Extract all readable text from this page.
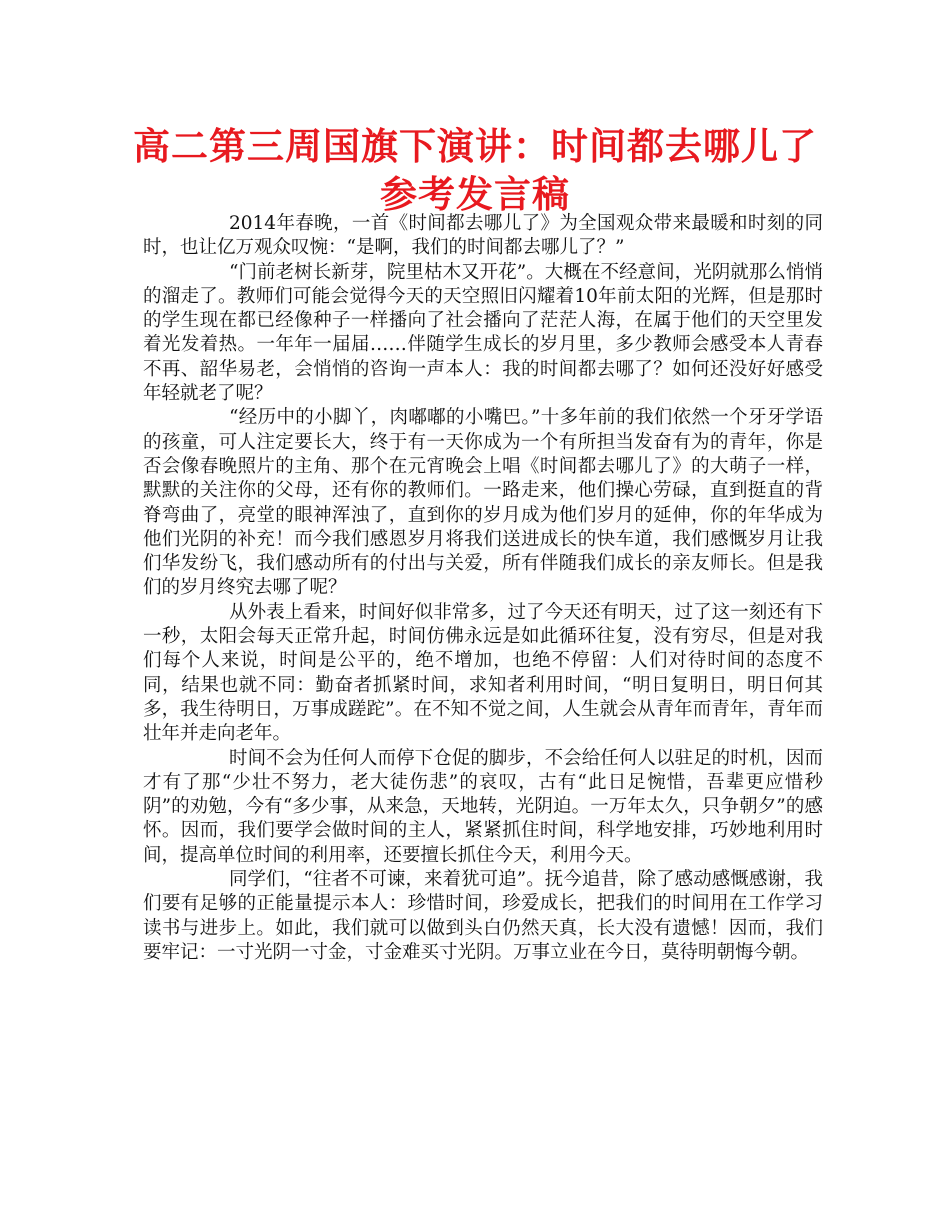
高二第三周国旗下演讲：时间都去哪儿了
参考发言稿

2014年春晚，一首《时间都去哪儿了》为全国观众带来最暖和时刻的同时，也让亿万观众叹惋：“是啊，我们的时间都去哪儿了？”

“门前老树长新芽，院里枯木又开花”。大概在不经意间，光阴就那么悄悄的溜走了。教师们可能会觉得今天的天空照旧闪耀着10年前太阳的光辉，但是那时的学生现在都已经像种子一样播向了社会播向了茫茫人海，在属于他们的天空里发着光发着热。一年年一届届……伴随学生成长的岁月里，多少教师会感受本人青春不再、韶华易老，会悄悄的咨询一声本人：我的时间都去哪了？如何还没好好感受年轻就老了呢？

“经历中的小脚丫，肉嘟嘟的小嘴巴。”十多年前的我们依然一个牙牙学语的孩童，可人注定要长大，终于有一天你成为一个有所担当发奋有为的青年，你是否会像春晚照片的主角、那个在元宵晚会上唱《时间都去哪儿了》的大萌子一样，默默的关注你的父母，还有你的教师们。一路走来，他们操心劳碌，直到挺直的背脊弯曲了，亮堂的眼神浑浊了，直到你的岁月成为他们岁月的延伸，你的年华成为他们光阴的补充！而今我们感恩岁月将我们送进成长的快车道，我们感慨岁月让我们华发纷飞，我们感动所有的付出与关爱，所有伴随我们成长的亲友师长。但是我们的岁月终究去哪了呢？

从外表上看来，时间好似非常多，过了今天还有明天，过了这一刻还有下一秒，太阳会每天正常升起，时间仿佛永远是如此循环往复，没有穷尽，但是对我们每个人来说，时间是公平的，绝不增加，也绝不停留：人们对待时间的态度不同，结果也就不同：勤奋者抓紧时间，求知者利用时间，“明日复明日，明日何其多，我生待明日，万事成蹉跎”。在不知不觉之间，人生就会从青年而青年，青年而壮年并走向老年。

时间不会为任何人而停下仓促的脚步，不会给任何人以驻足的时机，因而才有了那“少壮不努力，老大徒伤悲”的哀叹，古有“此日足惋惜，吾辈更应惜秒阴”的劝勉，今有“多少事，从来急，天地转，光阴迫。一万年太久，只争朝夕”的感怀。因而，我们要学会做时间的主人，紧紧抓住时间，科学地安排，巧妙地利用时间，提高单位时间的利用率，还要擅长抓住今天，利用今天。

同学们，“往者不可谏，来着犹可追”。抚今追昔，除了感动感慨感谢，我们要有足够的正能量提示本人：珍惜时间，珍爱成长，把我们的时间用在工作学习读书与进步上。如此，我们就可以做到头白仍然天真，长大没有遗憾！因而，我们要牢记：一寸光阴一寸金，寸金难买寸光阴。万事立业在今日，莫待明朝悔今朝。
